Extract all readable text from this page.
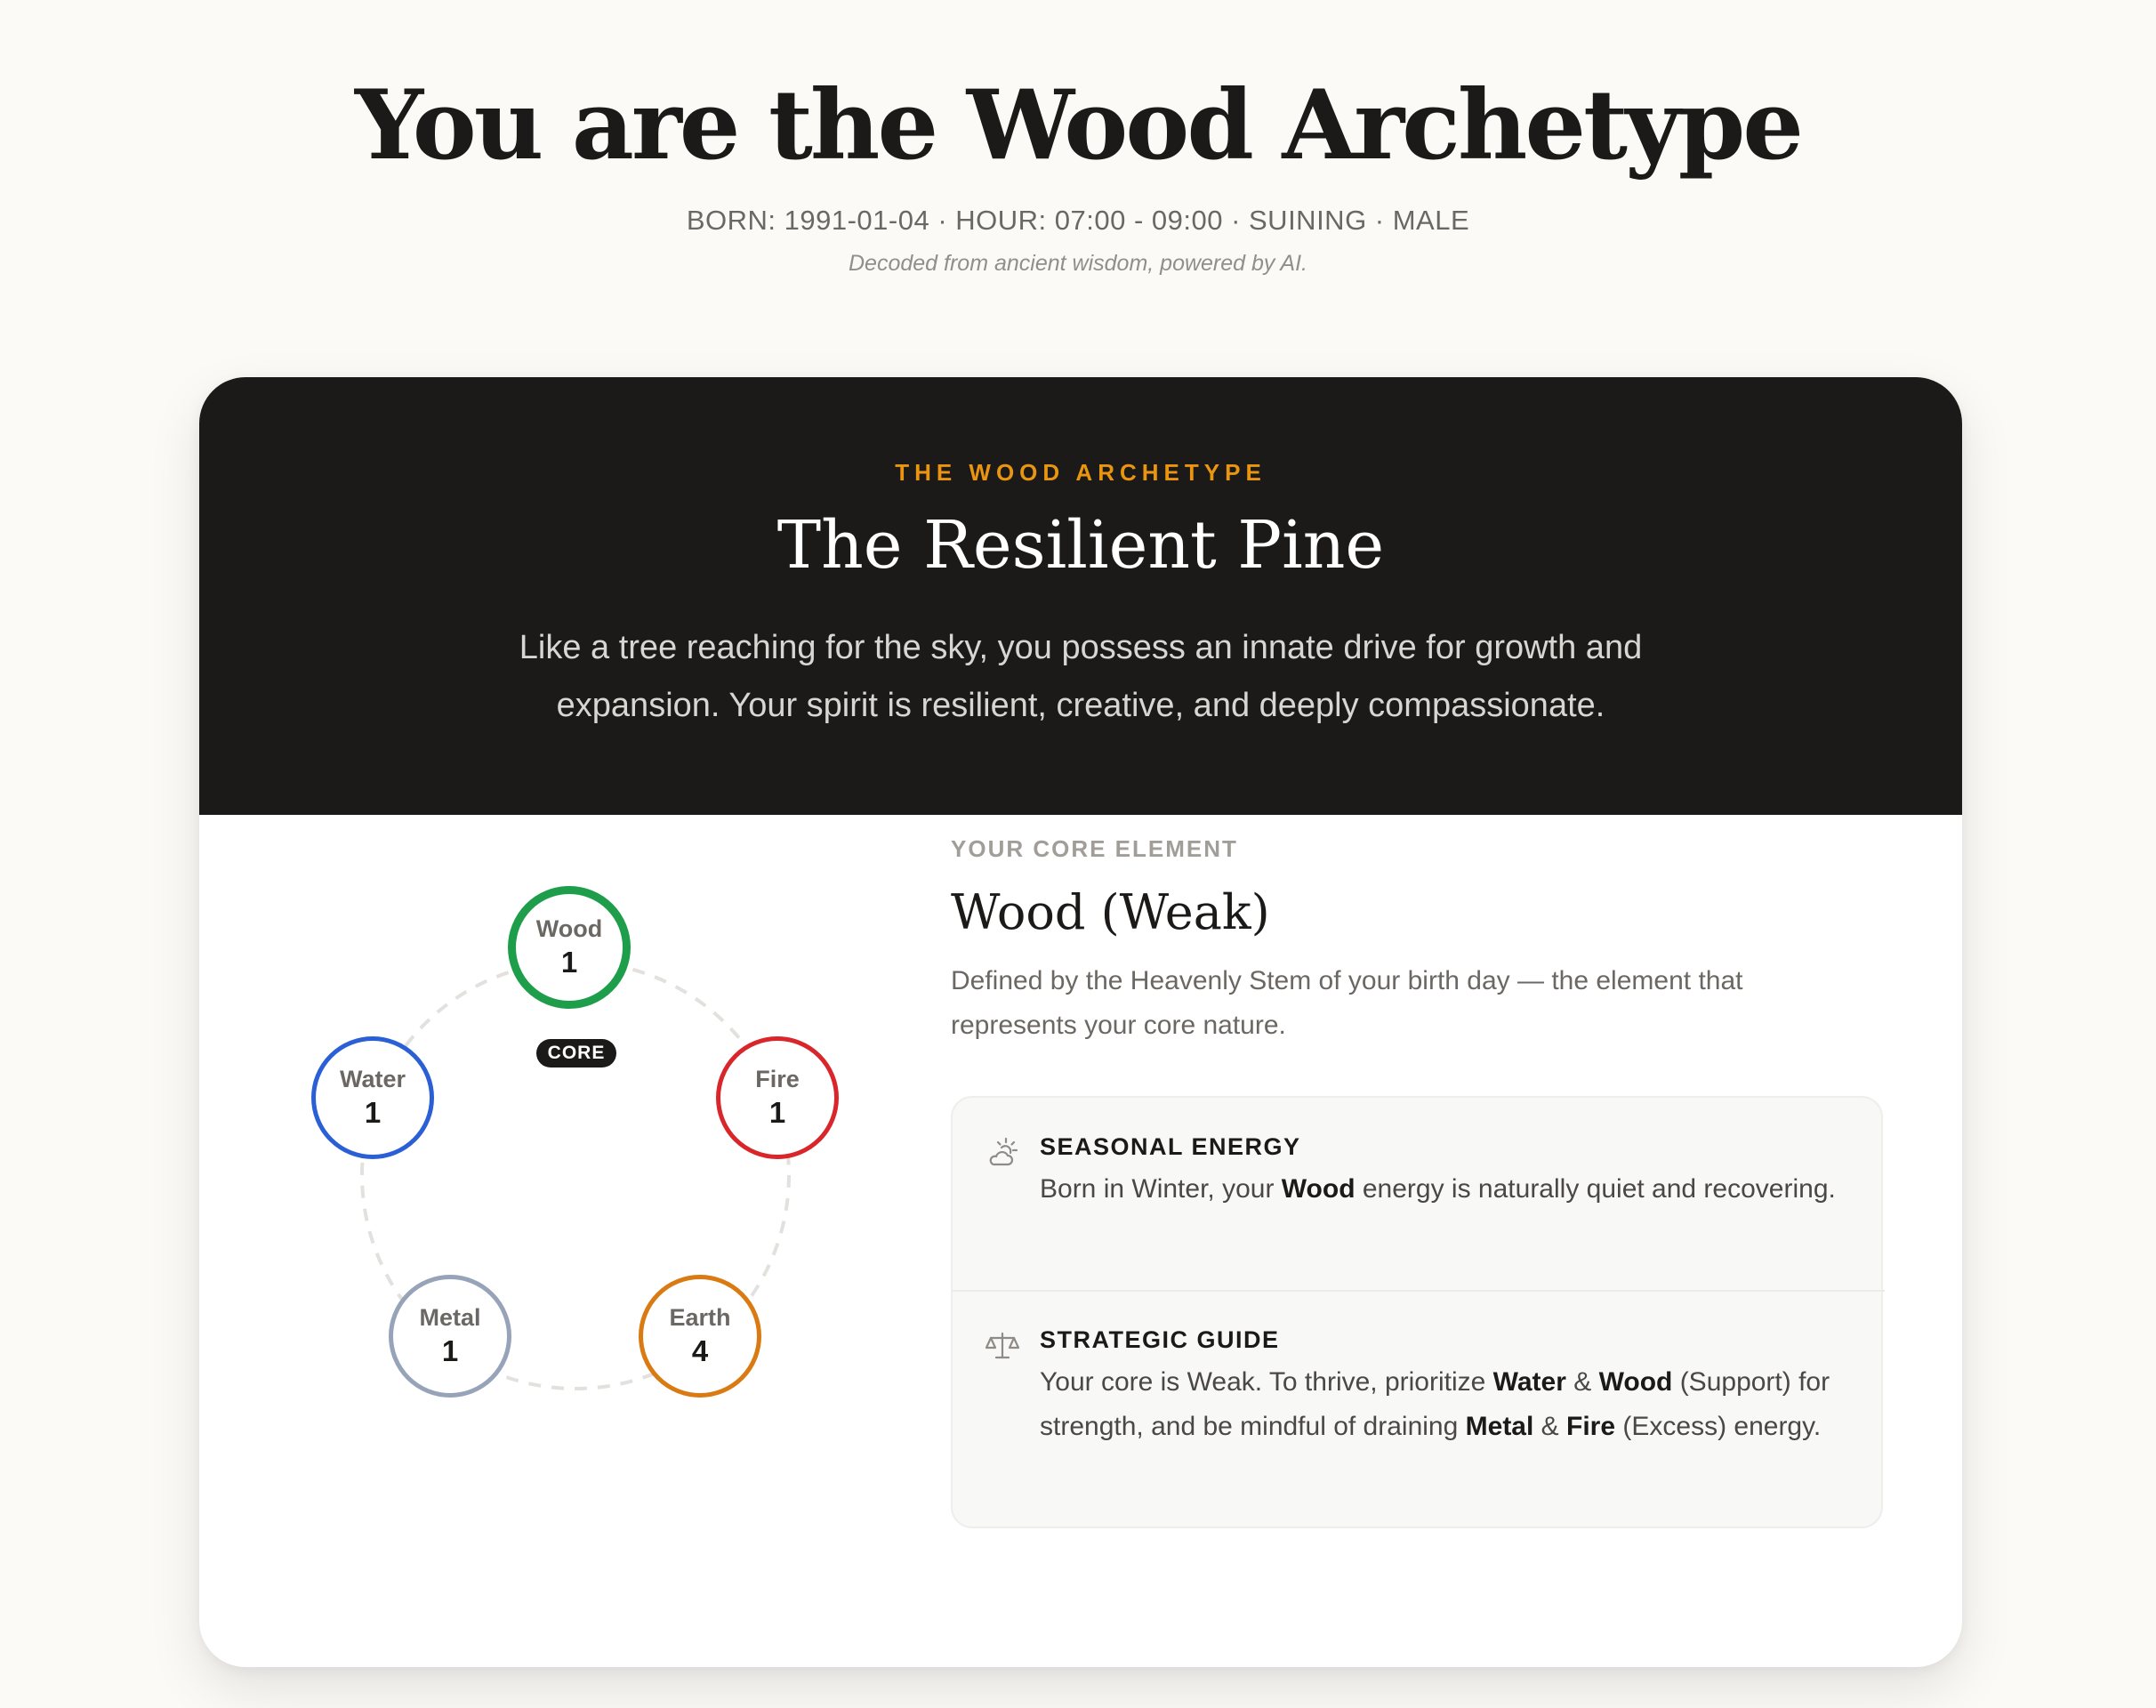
You are the Wood Archetype
BORN: 1991-01-04 · HOUR: 07:00 - 09:00 · SUINING · MALE
Decoded from ancient wisdom, powered by AI.
THE WOOD ARCHETYPE
The Resilient Pine
Like a tree reaching for the sky, you possess an innate drive for growth and expansion. Your spirit is resilient, creative, and deeply compassionate.
Wood
1
CORE
Fire
1
Earth
4
Metal
1
Water
1
YOUR CORE ELEMENT
Wood (Weak)
Defined by the Heavenly Stem of your birth day — the element that represents your core nature.
SEASONAL ENERGY
Born in Winter, your Wood energy is naturally quiet and recovering.
STRATEGIC GUIDE
Your core is Weak. To thrive, prioritize Water & Wood (Support) for strength, and be mindful of draining Metal & Fire (Excess) energy.
